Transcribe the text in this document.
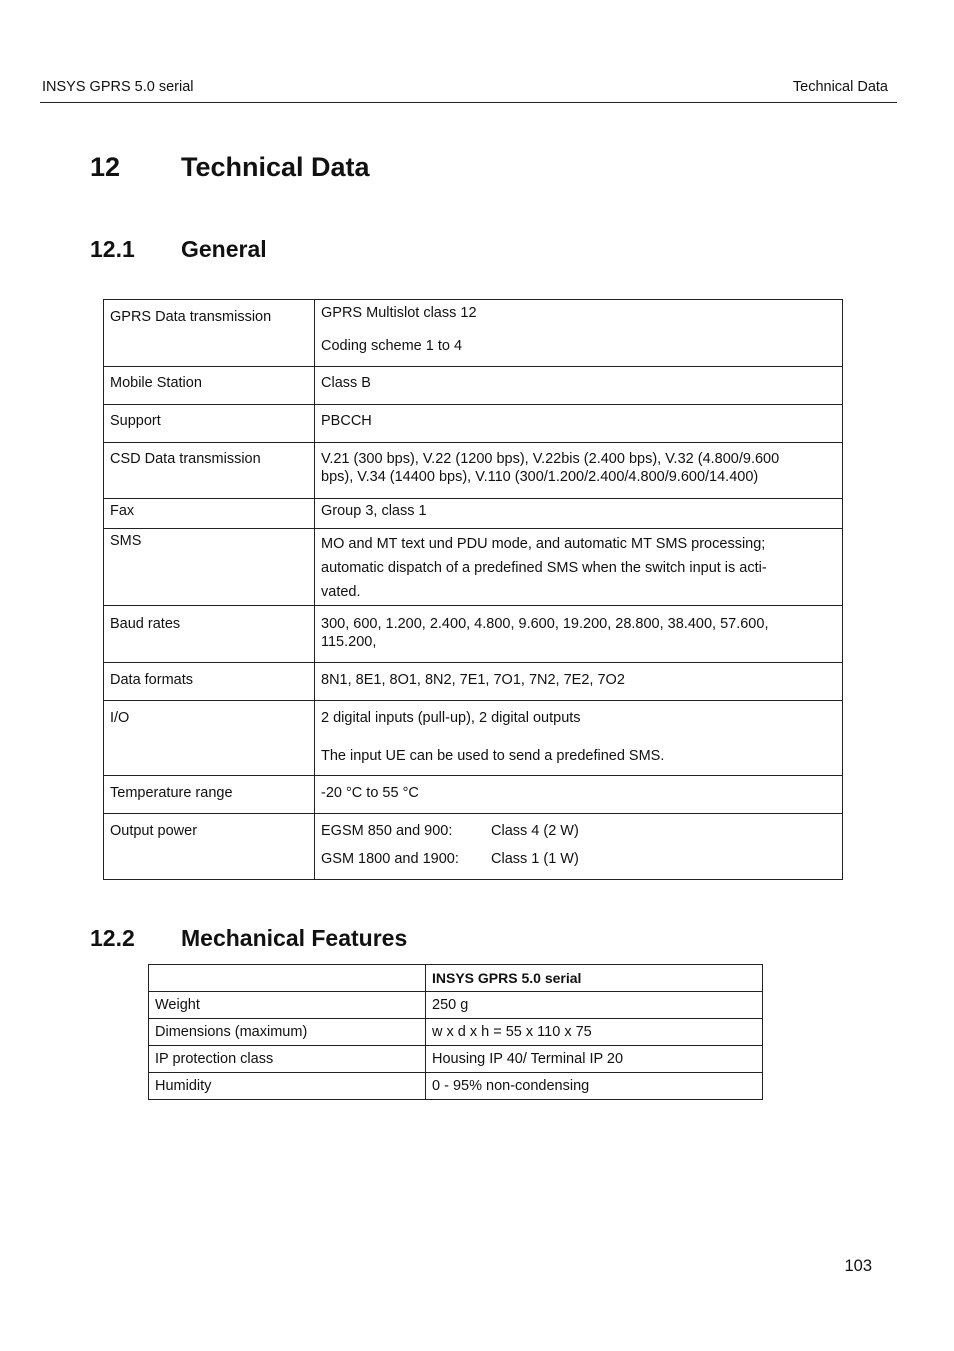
INSYS GPRS 5.0 serial	Technical Data
12 Technical Data
12.1 General
GPRS Data transmission	GPRS Multislot class 12
Coding scheme 1 to 4

Mobile Station	Class B
Support	PBCCH
CSD Data transmission	V.21 (300 bps), V.22 (1200 bps), V.22bis (2.400 bps), V.32 (4.800/9.600
bps), V.34 (14400 bps), V.110 (300/1.200/2.400/4.800/9.600/14.400)

Fax	Group 3, class 1
SMS	MO and MT text und PDU mode, and automatic MT SMS processing;
automatic dispatch of a predefined SMS when the switch input is acti-
vated.

Baud rates	300, 600, 1.200, 2.400, 4.800, 9.600, 19.200, 28.800, 38.400, 57.600,
115.200,

Data formats	8N1, 8E1, 8O1, 8N2, 7E1, 7O1, 7N2, 7E2, 7O2
I/O	2 digital inputs (pull-up), 2 digital outputs
The input UE can be used to send a predefined SMS.

Temperature range	-20 °C to 55 °C
Output power	EGSM 850 and 900: Class 4 (2 W)
GSM 1800 and 1900: Class 1 (1 W)
12.2 Mechanical Features
	INSYS GPRS 5.0 serial
Weight	250 g
Dimensions (maximum)	w x d x h = 55 x 110 x 75
IP protection class	Housing IP 40/ Terminal IP 20
Humidity	0 - 95% non-condensing
103
